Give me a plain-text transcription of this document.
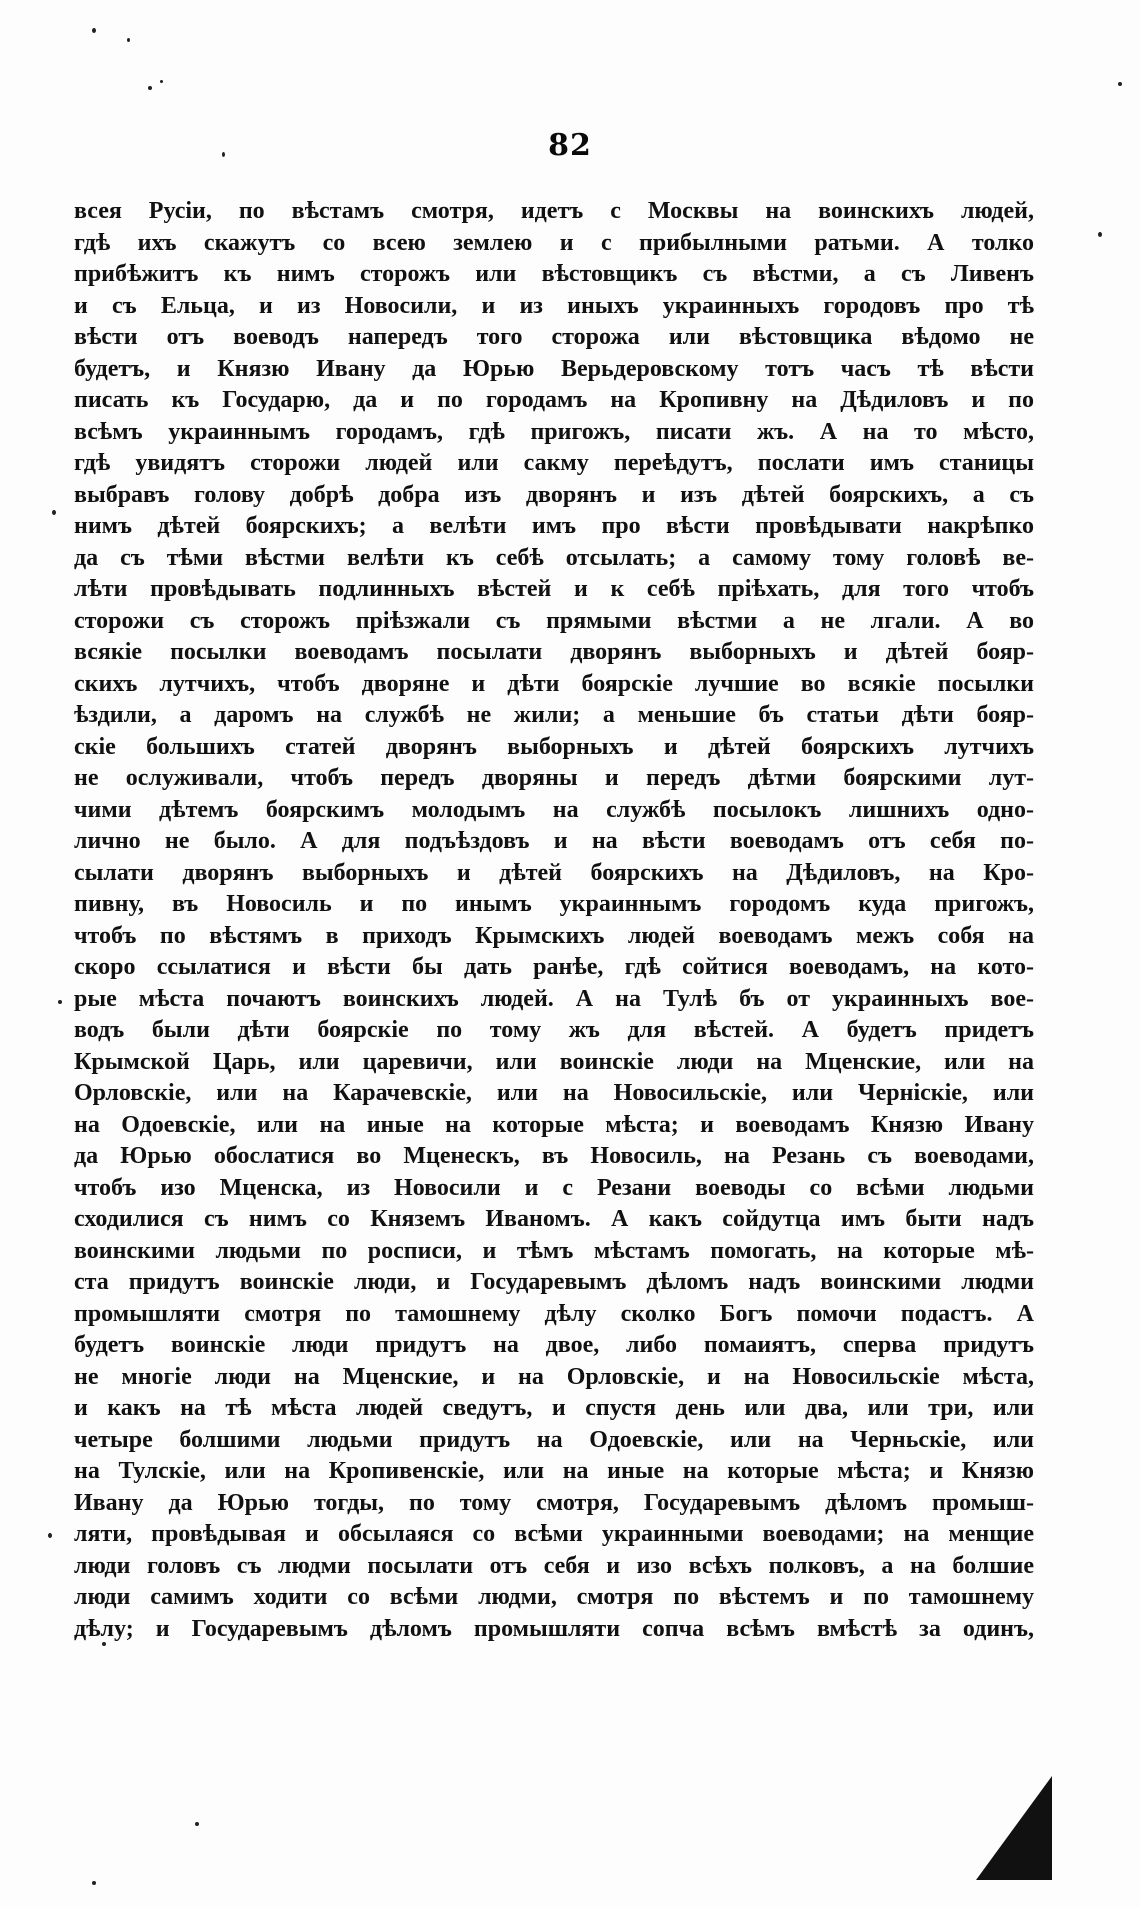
82
всея Русіи, по вѣстамъ смотря, идетъ с Москвы на воинскихъ людей,
гдѣ ихъ скажутъ со всею землею и с прибылными ратьми. А толко
прибѣжитъ къ нимъ сторожъ или вѣстовщикъ съ вѣстми, а съ Ливенъ
и съ Ельца, и из Новосили, и из иныхъ украинныхъ городовъ про тѣ
вѣсти отъ воеводъ напередъ того сторожа или вѣстовщика вѣдомо не
будетъ, и Князю Ивану да Юрью Верьдеровскому тотъ часъ тѣ вѣсти
писать къ Государю, да и по городамъ на Кропивну на Дѣдиловъ и по
всѣмъ украиннымъ городамъ, гдѣ пригожъ, писати жъ. А на то мѣсто,
гдѣ увидятъ сторожи людей или сакму переѣдутъ, послати имъ станицы
выбравъ голову добрѣ добра изъ дворянъ и изъ дѣтей боярскихъ, а съ
нимъ дѣтей боярскихъ; а велѣти имъ про вѣсти провѣдывати накрѣпко
да съ тѣми вѣстми велѣти къ себѣ отсылать; а самому тому головѣ ве-
лѣти провѣдывать подлинныхъ вѣстей и к себѣ пріѣхать, для того чтобъ
сторожи съ сторожъ пріѣзжали съ прямыми вѣстми а не лгали. А во
всякіе посылки воеводамъ посылати дворянъ выборныхъ и дѣтей бояр-
скихъ лутчихъ, чтобъ дворяне и дѣти боярскіе лучшие во всякіе посылки
ѣздили, а даромъ на службѣ не жили; а меньшие бъ статьи дѣти бояр-
скіе большихъ статей дворянъ выборныхъ и дѣтей боярскихъ лутчихъ
не ослуживали, чтобъ передъ дворяны и передъ дѣтми боярскими лут-
чими дѣтемъ боярскимъ молодымъ на службѣ посылокъ лишнихъ одно-
лично не было. А для подъѣздовъ и на вѣсти воеводамъ отъ себя по-
сылати дворянъ выборныхъ и дѣтей боярскихъ на Дѣдиловъ, на Кро-
пивну, въ Новосиль и по инымъ украиннымъ городомъ куда пригожъ,
чтобъ по вѣстямъ в приходъ Крымскихъ людей воеводамъ межъ собя на
скоро ссылатися и вѣсти бы дать ранѣе, гдѣ сойтися воеводамъ, на кото-
рые мѣста почаютъ воинскихъ людей. А на Тулѣ бъ от украинныхъ вое-
водъ были дѣти боярскіе по тому жъ для вѣстей. А будетъ придетъ
Крымской Царь, или царевичи, или воинскіе люди на Мценские, или на
Орловскіе, или на Карачевскіе, или на Новосильскіе, или Черніскіе, или
на Одоевскіе, или на иные на которые мѣста; и воеводамъ Князю Ивану
да Юрью обослатися во Мценескъ, въ Новосиль, на Резань съ воеводами,
чтобъ изо Мценска, из Новосили и с Резани воеводы со всѣми людьми
сходилися съ нимъ со Княземъ Иваномъ. А какъ сойдутца имъ быти надъ
воинскими людьми по росписи, и тѣмъ мѣстамъ помогать, на которые мѣ-
ста придутъ воинскіе люди, и Государевымъ дѣломъ надъ воинскими людми
промышляти смотря по тамошнему дѣлу сколко Богъ помочи подастъ. А
будетъ воинскіе люди придутъ на двое, либо помаиятъ, сперва придутъ
не многіе люди на Мценские, и на Орловскіе, и на Новосильскіе мѣста,
и какъ на тѣ мѣста людей сведутъ, и спустя день или два, или три, или
четыре болшими людьми придутъ на Одоевскіе, или на Черньскіе, или
на Тулскіе, или на Кропивенскіе, или на иные на которые мѣста; и Князю
Ивану да Юрью тогды, по тому смотря, Государевымъ дѣломъ промыш-
ляти, провѣдывая и обсылаяся со всѣми украинными воеводами; на менщие
люди головъ съ людми посылати отъ себя и изо всѣхъ полковъ, а на болшие
люди самимъ ходити со всѣми людми, смотря по вѣстемъ и по тамошнему
дѣлу; и Государевымъ дѣломъ промышляти сопча всѣмъ вмѣстѣ за одинъ,
